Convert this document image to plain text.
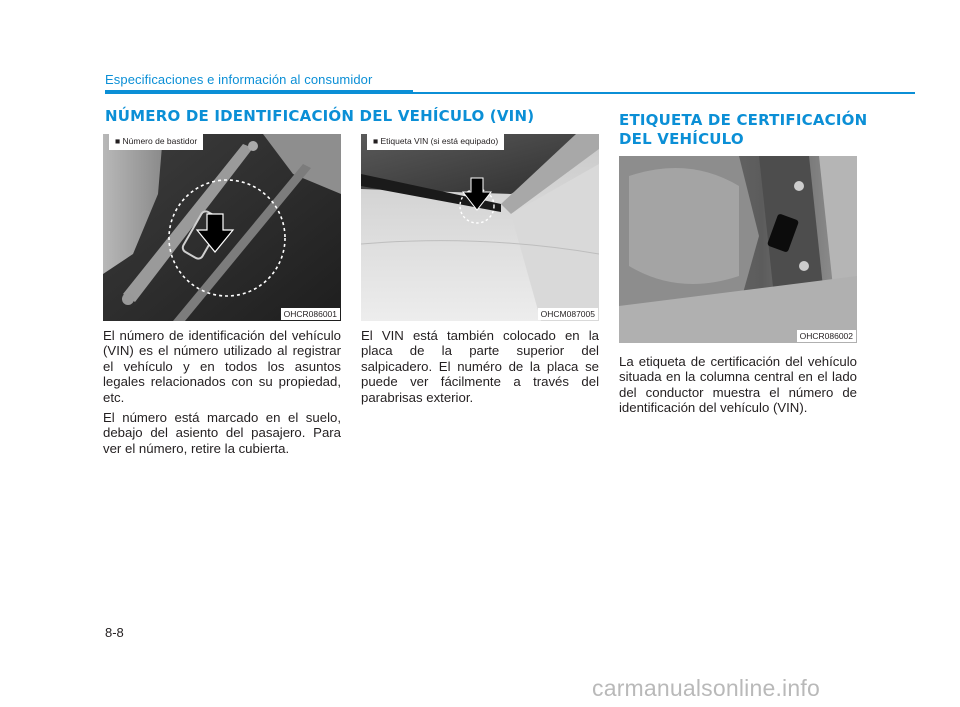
Especificaciones e información al consumidor
NÚMERO DE IDENTIFICACIÓN DEL VEHÍCULO (VIN)	ETIQUETA DE CERTIFICACIÓN
DEL VEHÍCULO
■ Número de bastidor
OHCR086001
■ Etiqueta VIN (si está equipado)
OHCM087005
OHCR086002

El número de identificación del vehículo (VIN) es el número utilizado al registrar el vehículo y en todos los asuntos legales relacionados con su propiedad, etc.

El número está marcado en el suelo, debajo del asiento del pasajero. Para ver el número, retire la cubierta.

El VIN está también colocado en la placa de la parte superior del salpicadero. El numéro de la placa se puede ver fácilmente a través del parabrisas exterior.

La etiqueta de certificación del vehículo situada en la columna central en el lado del conductor muestra el número de identificación del vehículo (VIN).

8-8
carmanualsonline.info
